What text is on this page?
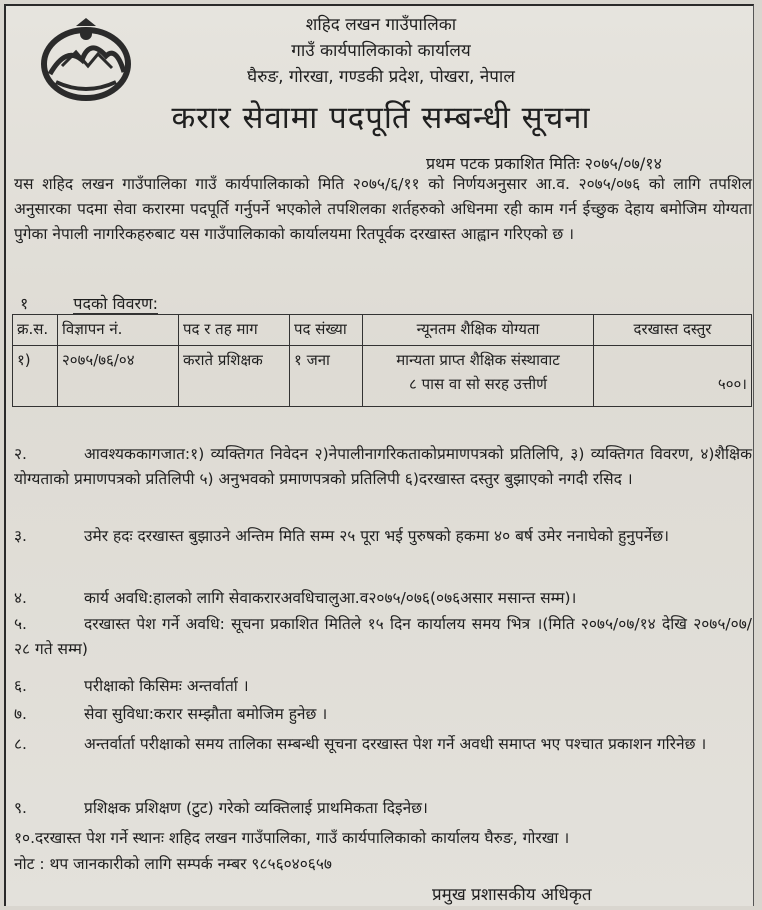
शहिद लखन गाउँपालिका
गाउँ कार्यपालिकाको कार्यालय
घैरुङ, गोरखा, गण्डकी प्रदेश, पोखरा, नेपाल
करार सेवामा पदपूर्ति सम्बन्धी सूचना
प्रथम पटक प्रकाशित मितिः २०७५/०७/१४
यस शहिद लखन गाउँपालिका गाउँ कार्यपालिकाको मिति २०७५/६/११ को निर्णयअनुसार आ.व. २०७५/०७६ को लागि तपशिल अनुसारका पदमा सेवा करारमा पदपूर्ति गर्नुपर्ने भएकोले तपशिलका शर्तहरुको अधिनमा रही काम गर्न ईच्छुक देहाय बमोजिम योग्यता पुगेका नेपाली नागरिकहरुबाट यस गाउँपालिकाको कार्यालयमा रितपूर्वक दरखास्त आह्वान गरिएको छ ।
१	पदको विवरण:
क्र.स.	विज्ञापन नं.	पद र तह माग	पद संख्या	न्यूनतम शैक्षिक योग्यता	दरखास्त दस्तुर
१)	२०७५/७६/०४	कराते प्रशिक्षक	१ जना	मान्यता प्राप्त शैक्षिक संस्थावाट
८ पास वा सो सरह उत्तीर्ण	५००।
२.	आवश्यककागजात:१) व्यक्तिगत निवेदन २)नेपालीनागरिकताकोप्रमाणपत्रको प्रतिलिपि, ३) व्यक्तिगत विवरण, ४)शैक्षिक योग्यताको प्रमाणपत्रको प्रतिलिपी ५) अनुभवको प्रमाणपत्रको प्रतिलिपी ६)दरखास्त दस्तुर बुझाएको नगदी रसिद ।
३.	उमेर हदः दरखास्त बुझाउने अन्तिम मिति सम्म २५ पूरा भई पुरुषको हकमा ४० बर्ष उमेर ननाघेको हुनुपर्नेछ।
४.	कार्य अवधि:हालको लागि सेवाकरारअवधिचालुआ.व२०७५/०७६(०७६असार मसान्त सम्म)।
५.	दरखास्त पेश गर्ने अवधि: सूचना प्रकाशित मितिले १५ दिन कार्यालय समय भित्र ।(मिति २०७५/०७/१४ देखि २०७५/०७/ २८ गते सम्म)
६.	परीक्षाको किसिमः अन्तर्वार्ता ।
७.	सेवा सुविधा:करार सम्झौता बमोजिम हुनेछ ।
८.	अन्तर्वार्ता परीक्षाको समय तालिका सम्बन्धी सूचना दरखास्त पेश गर्ने अवधी समाप्त भए पश्चात प्रकाशन गरिनेछ ।
९.	प्रशिक्षक प्रशिक्षण (टुट) गरेको व्यक्तिलाई प्राथमिकता दिइनेछ।
१०.दरखास्त पेश गर्ने स्थानः शहिद लखन गाउँपालिका, गाउँ कार्यपालिकाको कार्यालय घैरुङ, गोरखा ।
नोट : थप जानकारीको लागि सम्पर्क नम्बर ९८५६०४०६५७
प्रमुख प्रशासकीय अधिकृत
